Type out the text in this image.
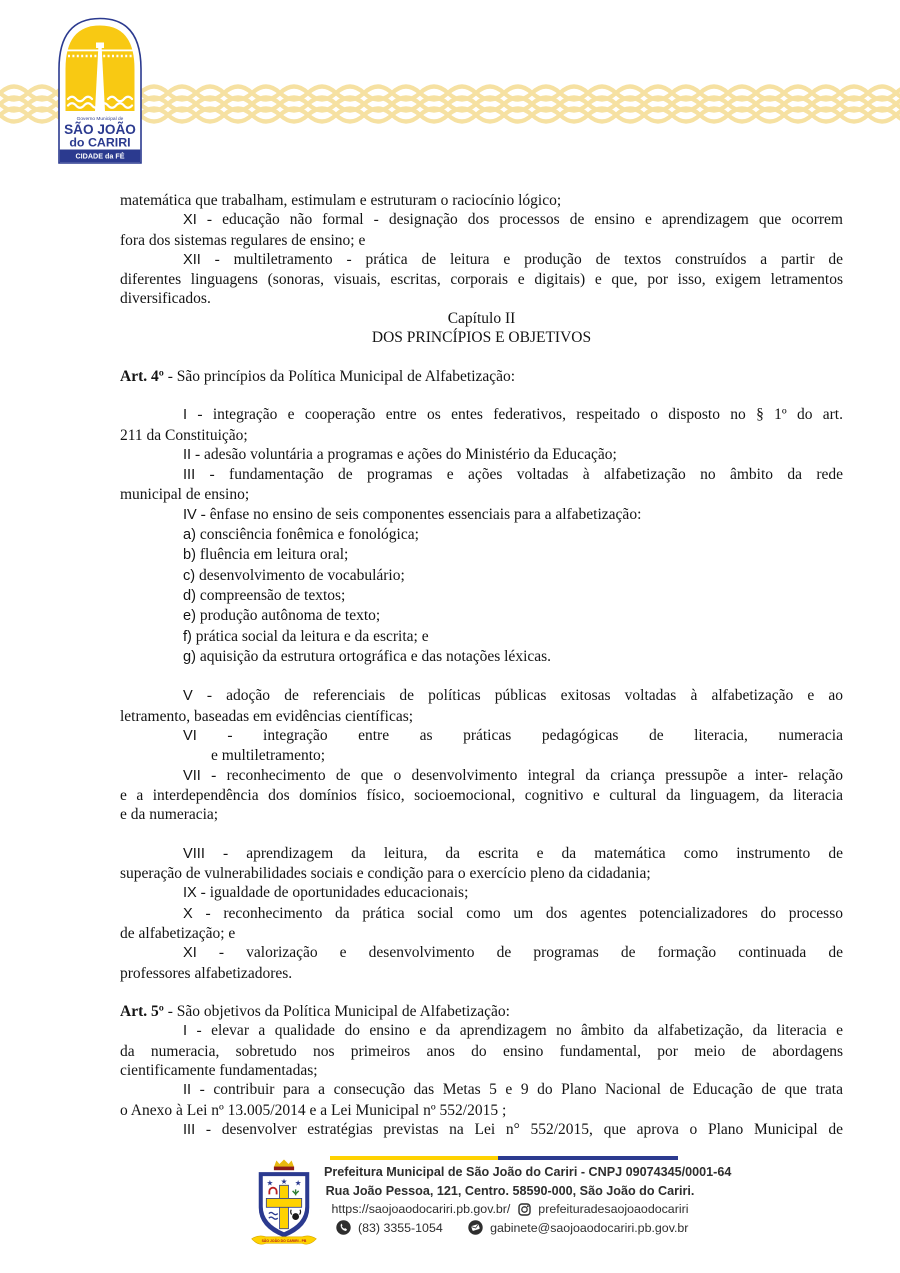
Governo Municipal de
SÃO JOÃO
do CARIRI
CIDADE da FÉ
matemática que trabalham, estimulam e estruturam o raciocínio lógico;
XI - educação não formal - designação dos processos de ensino e aprendizagem que ocorrem
fora dos sistemas regulares de ensino; e
XII - multiletramento - prática de leitura e produção de textos construídos a partir de
diferentes linguagens (sonoras, visuais, escritas, corporais e digitais) e que, por isso, exigem letramentos
diversificados.
Capítulo II
DOS PRINCÍPIOS E OBJETIVOS
Art. 4º - São princípios da Política Municipal de Alfabetização:
I - integração e cooperação entre os entes federativos, respeitado o disposto no § 1º do art.
211 da Constituição;
II - adesão voluntária a programas e ações do Ministério da Educação;
III - fundamentação de programas e ações voltadas à alfabetização no âmbito da rede
municipal de ensino;
IV - ênfase no ensino de seis componentes essenciais para a alfabetização:
a) consciência fonêmica e fonológica;
b) fluência em leitura oral;
c) desenvolvimento de vocabulário;
d) compreensão de textos;
e) produção autônoma de texto;
f) prática social da leitura e da escrita; e
g) aquisição da estrutura ortográfica e das notações léxicas.
V - adoção de referenciais de políticas públicas exitosas voltadas à alfabetização e ao
letramento, baseadas em evidências científicas;
VI - integração entre as práticas pedagógicas de literacia, numeracia
e multiletramento;
VII - reconhecimento de que o desenvolvimento integral da criança pressupõe a inter- relação
e a interdependência dos domínios físico, socioemocional, cognitivo e cultural da linguagem, da literacia
e da numeracia;
VIII - aprendizagem da leitura, da escrita e da matemática como instrumento de
superação de vulnerabilidades sociais e condição para o exercício pleno da cidadania;
IX - igualdade de oportunidades educacionais;
X - reconhecimento da prática social como um dos agentes potencializadores do processo
de alfabetização; e
XI - valorização e desenvolvimento de programas de formação continuada de
professores alfabetizadores.
Art. 5º - São objetivos da Política Municipal de Alfabetização:
I - elevar a qualidade do ensino e da aprendizagem no âmbito da alfabetização, da literacia e
da numeracia, sobretudo nos primeiros anos do ensino fundamental, por meio de abordagens
cientificamente fundamentadas;
II - contribuir para a consecução das Metas 5 e 9 do Plano Nacional de Educação de que trata
o Anexo à Lei nº 13.005/2014 e a Lei Municipal nº 552/2015 ;
III - desenvolver estratégias previstas na Lei n° 552/2015, que aprova o Plano Municipal de
★ ★ ★
SÃO JOÃO DO CARIRI - PB
Prefeitura Municipal de São João do Cariri - CNPJ 09074345/0001-64
Rua João Pessoa, 121, Centro. 58590-000, São João do Cariri.
https://saojoaodocariri.pb.gov.br/ prefeituradesaojoaodocariri
(83) 3355-1054	gabinete@saojoaodocariri.pb.gov.br
